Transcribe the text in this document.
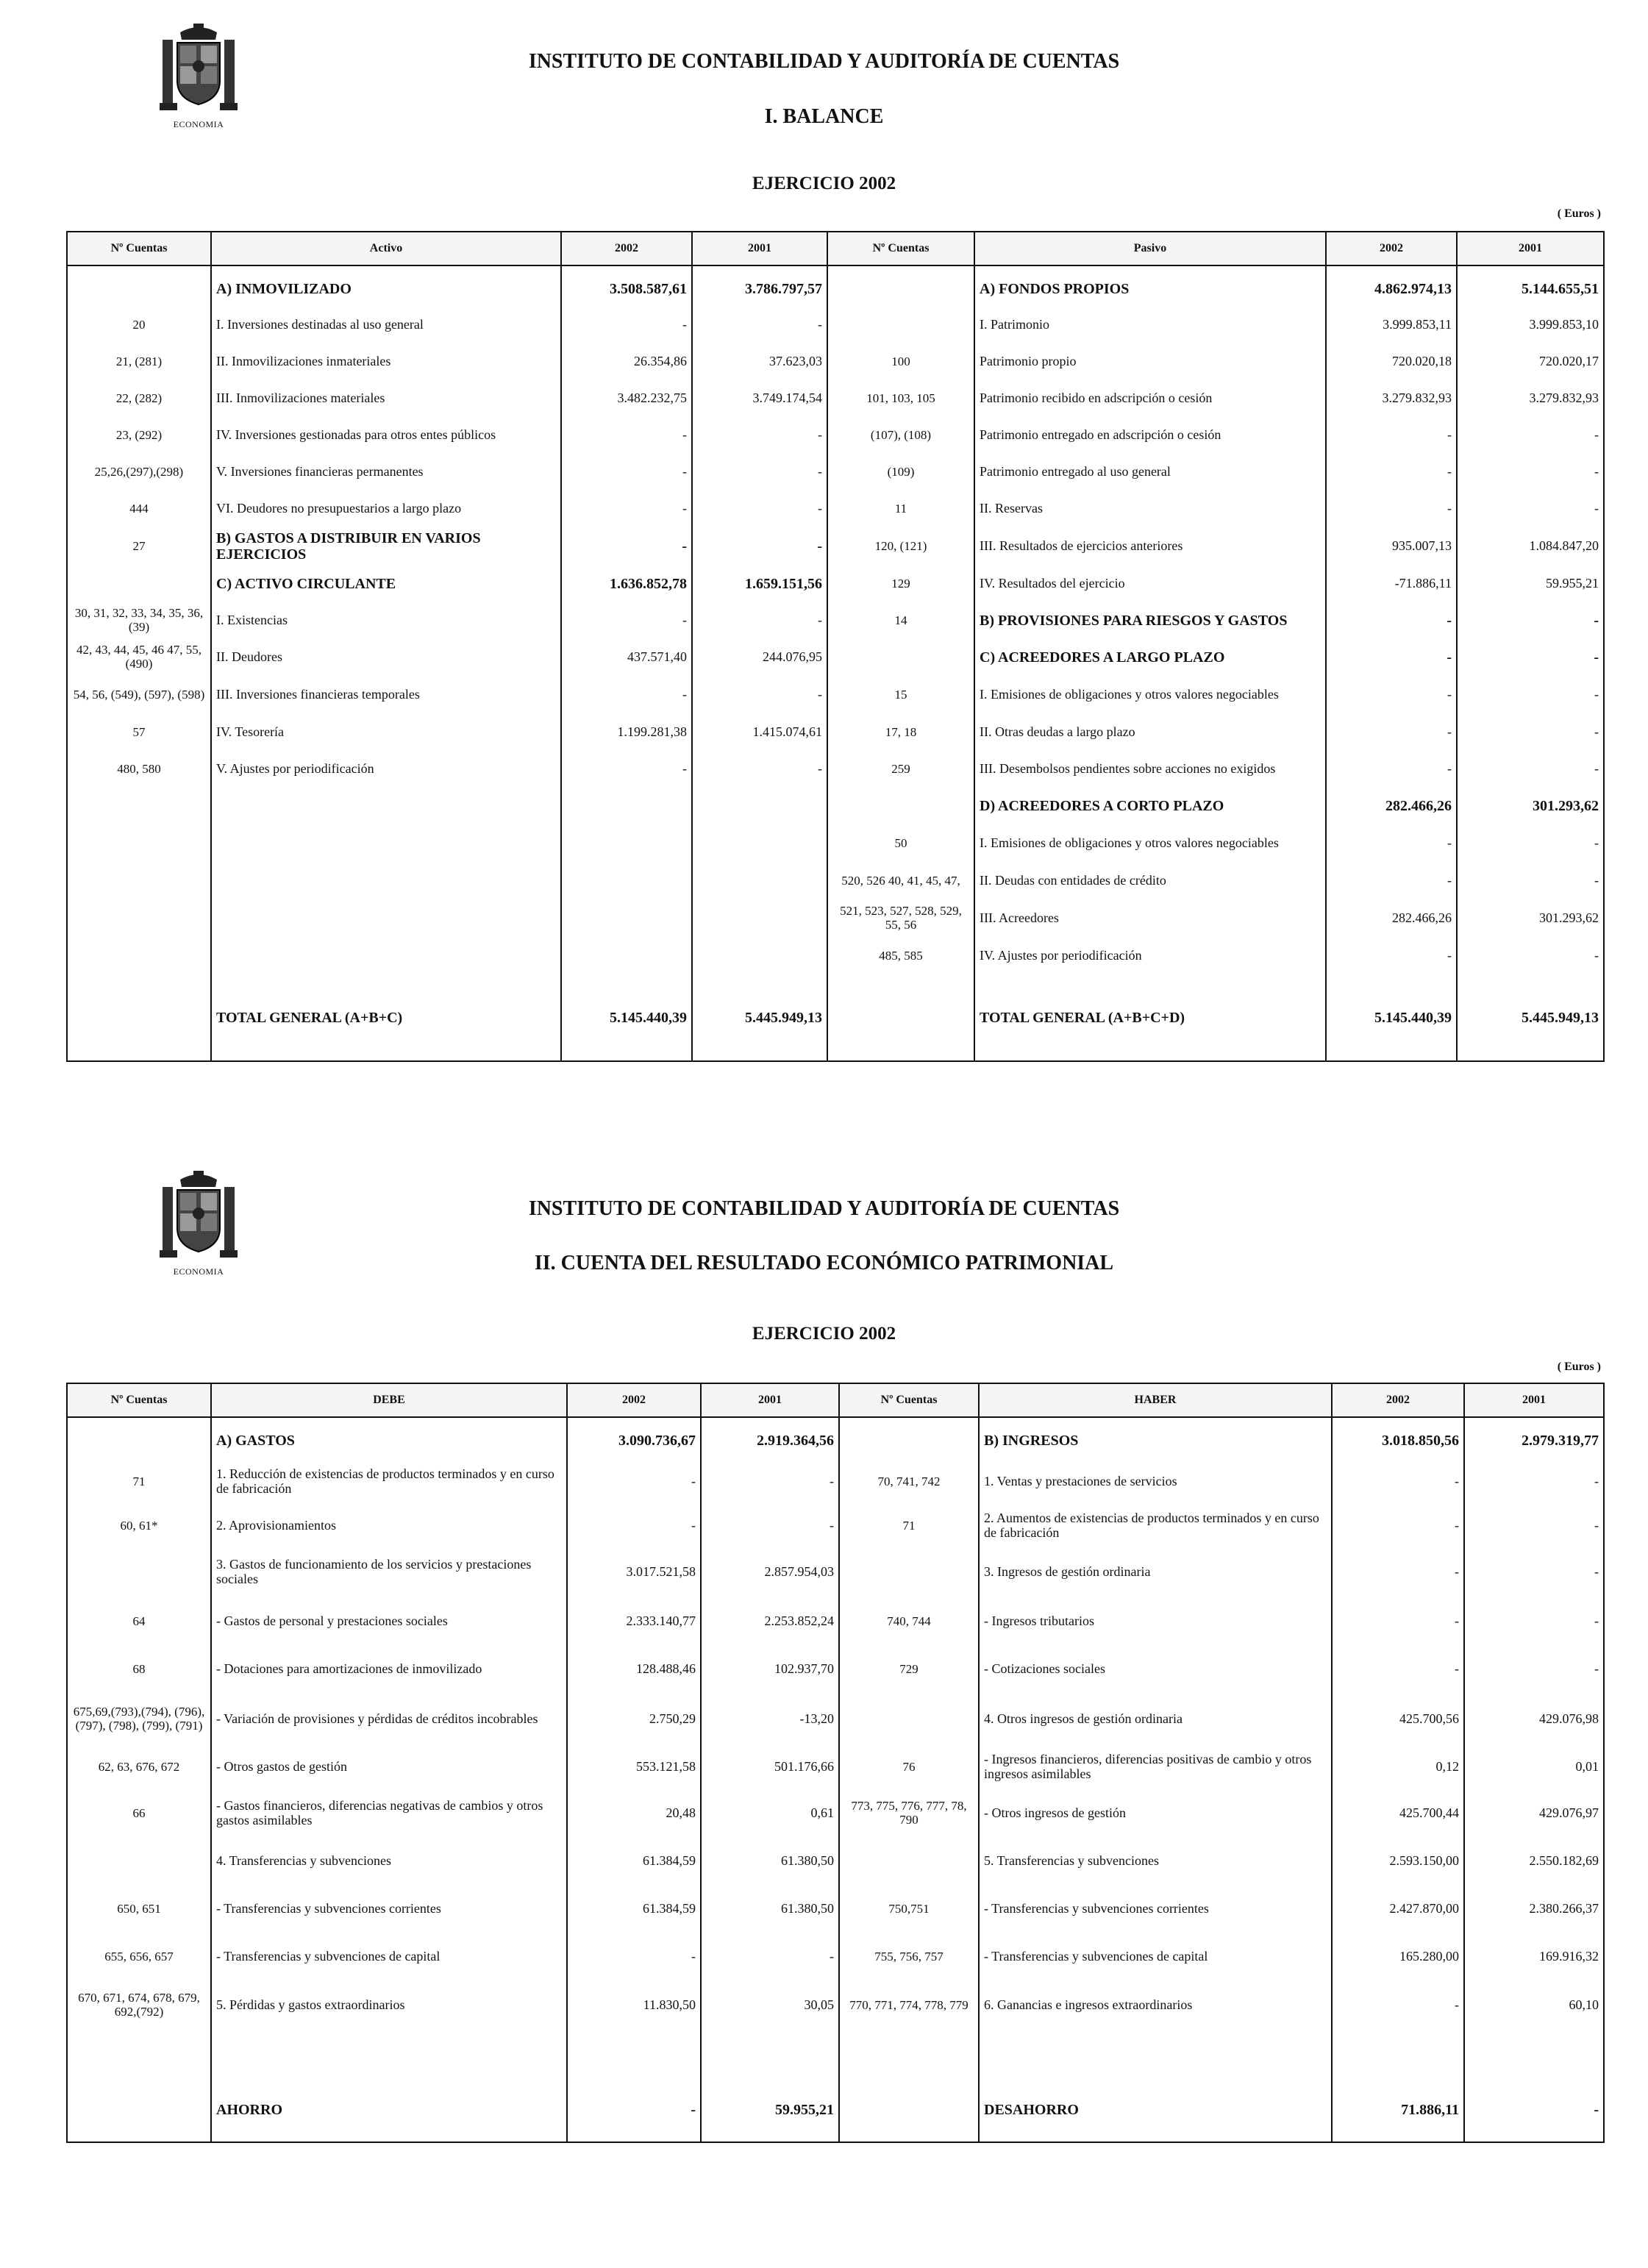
ECONOMIA
INSTITUTO DE CONTABILIDAD Y AUDITORÍA DE CUENTAS
I. BALANCE
EJERCICIO 2002
( Euros )
Nº Cuentas	Activo	2002	2001	Nº Cuentas	Pasivo	2002	2001
	A) INMOVILIZADO	3.508.587,61	3.786.797,57		A) FONDOS PROPIOS	4.862.974,13	5.144.655,51
20	I. Inversiones destinadas al uso general	-	-		I. Patrimonio	3.999.853,11	3.999.853,10
21, (281)	II. Inmovilizaciones inmateriales	26.354,86	37.623,03	100	Patrimonio propio	720.020,18	720.020,17
22, (282)	III. Inmovilizaciones materiales	3.482.232,75	3.749.174,54	101, 103, 105	Patrimonio recibido en adscripción o cesión	3.279.832,93	3.279.832,93
23, (292)	IV. Inversiones gestionadas para otros entes públicos	-	-	(107), (108)	Patrimonio entregado en adscripción o cesión	-	-
25,26,(297),(298)	V. Inversiones financieras permanentes	-	-	(109)	Patrimonio entregado al uso general	-	-
444	VI. Deudores no presupuestarios a largo plazo	-	-	11	II. Reservas	-	-
27	B) GASTOS A DISTRIBUIR EN VARIOS EJERCICIOS	-	-	120, (121)	III. Resultados de ejercicios anteriores	935.007,13	1.084.847,20
	C) ACTIVO CIRCULANTE	1.636.852,78	1.659.151,56	129	IV. Resultados del ejercicio	-71.886,11	59.955,21
30, 31, 32, 33, 34, 35, 36, (39)	I. Existencias	-	-	14	B) PROVISIONES PARA RIESGOS Y GASTOS	-	-
42, 43, 44, 45, 46 47, 55, (490)	II. Deudores	437.571,40	244.076,95		C) ACREEDORES A LARGO PLAZO	-	-
54, 56, (549), (597), (598)	III. Inversiones financieras temporales	-	-	15	I. Emisiones de obligaciones y otros valores negociables	-	-
57	IV. Tesorería	1.199.281,38	1.415.074,61	17, 18	II. Otras deudas a largo plazo	-	-
480, 580	V. Ajustes por periodificación	-	-	259	III. Desembolsos pendientes sobre acciones no exigidos	-	-
					D) ACREEDORES A CORTO PLAZO	282.466,26	301.293,62
				50	I. Emisiones de obligaciones y otros valores negociables	-	-
				520, 526 40, 41, 45, 47,	II. Deudas con entidades de crédito	-	-
				521, 523, 527, 528, 529, 55, 56	III. Acreedores	282.466,26	301.293,62
				485, 585	IV. Ajustes por periodificación	-	-
	TOTAL GENERAL (A+B+C)	5.145.440,39	5.445.949,13		TOTAL GENERAL (A+B+C+D)	5.145.440,39	5.445.949,13
ECONOMIA
INSTITUTO DE CONTABILIDAD Y AUDITORÍA DE CUENTAS
II. CUENTA DEL RESULTADO ECONÓMICO PATRIMONIAL
EJERCICIO 2002
( Euros )
Nº Cuentas	DEBE	2002	2001	Nº Cuentas	HABER	2002	2001
	A) GASTOS	3.090.736,67	2.919.364,56		B) INGRESOS	3.018.850,56	2.979.319,77
71	1. Reducción de existencias de productos terminados y en curso de fabricación	-	-	70, 741, 742	1. Ventas y prestaciones de servicios	-	-
60, 61*	2. Aprovisionamientos	-	-	71	2. Aumentos de existencias de productos terminados y en curso de fabricación	-	-
	3. Gastos de funcionamiento de los servicios y prestaciones sociales	3.017.521,58	2.857.954,03		3. Ingresos de gestión ordinaria	-	-
64	- Gastos de personal y prestaciones sociales	2.333.140,77	2.253.852,24	740, 744	- Ingresos tributarios	-	-
68	- Dotaciones para amortizaciones de inmovilizado	128.488,46	102.937,70	729	- Cotizaciones sociales	-	-
675,69,(793),(794), (796), (797), (798), (799), (791)	- Variación de provisiones y pérdidas de créditos incobrables	2.750,29	-13,20		4. Otros ingresos de gestión ordinaria	425.700,56	429.076,98
62, 63, 676, 672	- Otros gastos de gestión	553.121,58	501.176,66	76	- Ingresos financieros, diferencias positivas de cambio y otros ingresos asimilables	0,12	0,01
66	- Gastos financieros, diferencias negativas de cambios y otros gastos asimilables	20,48	0,61	773, 775, 776, 777, 78, 790	- Otros ingresos de gestión	425.700,44	429.076,97
	4. Transferencias y subvenciones	61.384,59	61.380,50		5. Transferencias y subvenciones	2.593.150,00	2.550.182,69
650, 651	- Transferencias y subvenciones corrientes	61.384,59	61.380,50	750,751	- Transferencias y subvenciones corrientes	2.427.870,00	2.380.266,37
655, 656, 657	- Transferencias y subvenciones de capital	-	-	755, 756, 757	- Transferencias y subvenciones de capital	165.280,00	169.916,32
670, 671, 674, 678, 679, 692,(792)	5. Pérdidas y gastos extraordinarios	11.830,50	30,05	770, 771, 774, 778, 779	6. Ganancias e ingresos extraordinarios	-	60,10

	AHORRO	-	59.955,21		DESAHORRO	71.886,11	-
